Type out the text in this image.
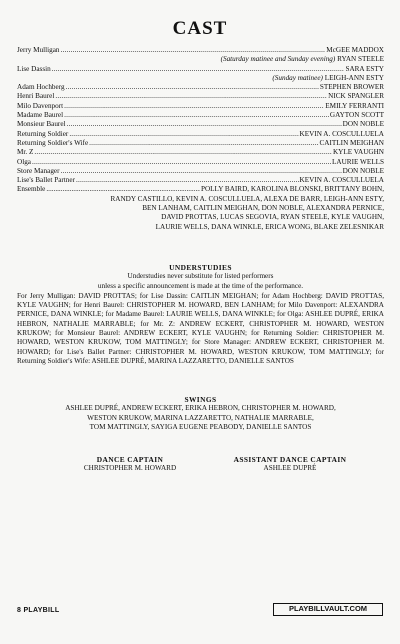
CAST
Jerry Mulligan .....	McGEE MADDOX
(Saturday matinee and Sunday evening) RYAN STEELE
Lise Dassin .....	SARA ESTY
(Sunday matinee) LEIGH-ANN ESTY
Adam Hochberg .....	STEPHEN BROWER
Henri Baurel .....	NICK SPANGLER
Milo Davenport .....	EMILY FERRANTI
Madame Baurel .....	GAYTON SCOTT
Monsieur Baurel .....	DON NOBLE
Returning Soldier .....	KEVIN A. COSCULLUELA
Returning Soldier's Wife .....	CAITLIN MEIGHAN
Mr. Z .....	KYLE VAUGHN
Olga .....	LAURIE WELLS
Store Manager .....	DON NOBLE
Lise's Ballet Partner .....	KEVIN A. COSCULLUELA
Ensemble .....	POLLY BAIRD, KAROLINA BLONSKI, BRITTANY BOHN,
RANDY CASTILLO, KEVIN A. COSCULLUELA, ALEXA DE BARR, LEIGH-ANN ESTY,
BEN LANHAM, CAITLIN MEIGHAN, DON NOBLE, ALEXANDRA PERNICE,
DAVID PROTTAS, LUCAS SEGOVIA, RYAN STEELE, KYLE VAUGHN,
LAURIE WELLS, DANA WINKLE, ERICA WONG, BLAKE ZELESNIKAR
UNDERSTUDIES
Understudies never substitute for listed performers
unless a specific announcement is made at the time of the performance.
For Jerry Mulligan: DAVID PROTTAS; for Lise Dassin: CAITLIN MEIGHAN; for Adam Hochberg: DAVID PROTTAS, KYLE VAUGHN; for Henri Baurel: CHRISTOPHER M. HOWARD, BEN LANHAM; for Milo Davenport: ALEXANDRA PERNICE, DANA WINKLE; for Madame Baurel: LAURIE WELLS, DANA WINKLE; for Olga: ASHLEE DUPRÉ, ERIKA HEBRON, NATHALIE MARRABLE; for Mr. Z: ANDREW ECKERT, CHRISTOPHER M. HOWARD, WESTON KRUKOW; for Monsieur Baurel: ANDREW ECKERT, KYLE VAUGHN; for Returning Soldier: CHRISTOPHER M. HOWARD, WESTON KRUKOW, TOM MATTINGLY; for Store Manager: ANDREW ECKERT, CHRISTOPHER M. HOWARD; for Lise's Ballet Partner: CHRISTOPHER M. HOWARD, WESTON KRUKOW, TOM MATTINGLY; for Returning Soldier's Wife: ASHLEE DUPRÉ, MARINA LAZZARETTO, DANIELLE SANTOS
SWINGS
ASHLEE DUPRÉ, ANDREW ECKERT, ERIKA HEBRON, CHRISTOPHER M. HOWARD,
WESTON KRUKOW, MARINA LAZZARETTO, NATHALIE MARRABLE,
TOM MATTINGLY, SAYIGA EUGENE PEABODY, DANIELLE SANTOS
DANCE CAPTAIN
CHRISTOPHER M. HOWARD
ASSISTANT DANCE CAPTAIN
ASHLEE DUPRÉ
8 PLAYBILL	PLAYBILLVAULT.COM
